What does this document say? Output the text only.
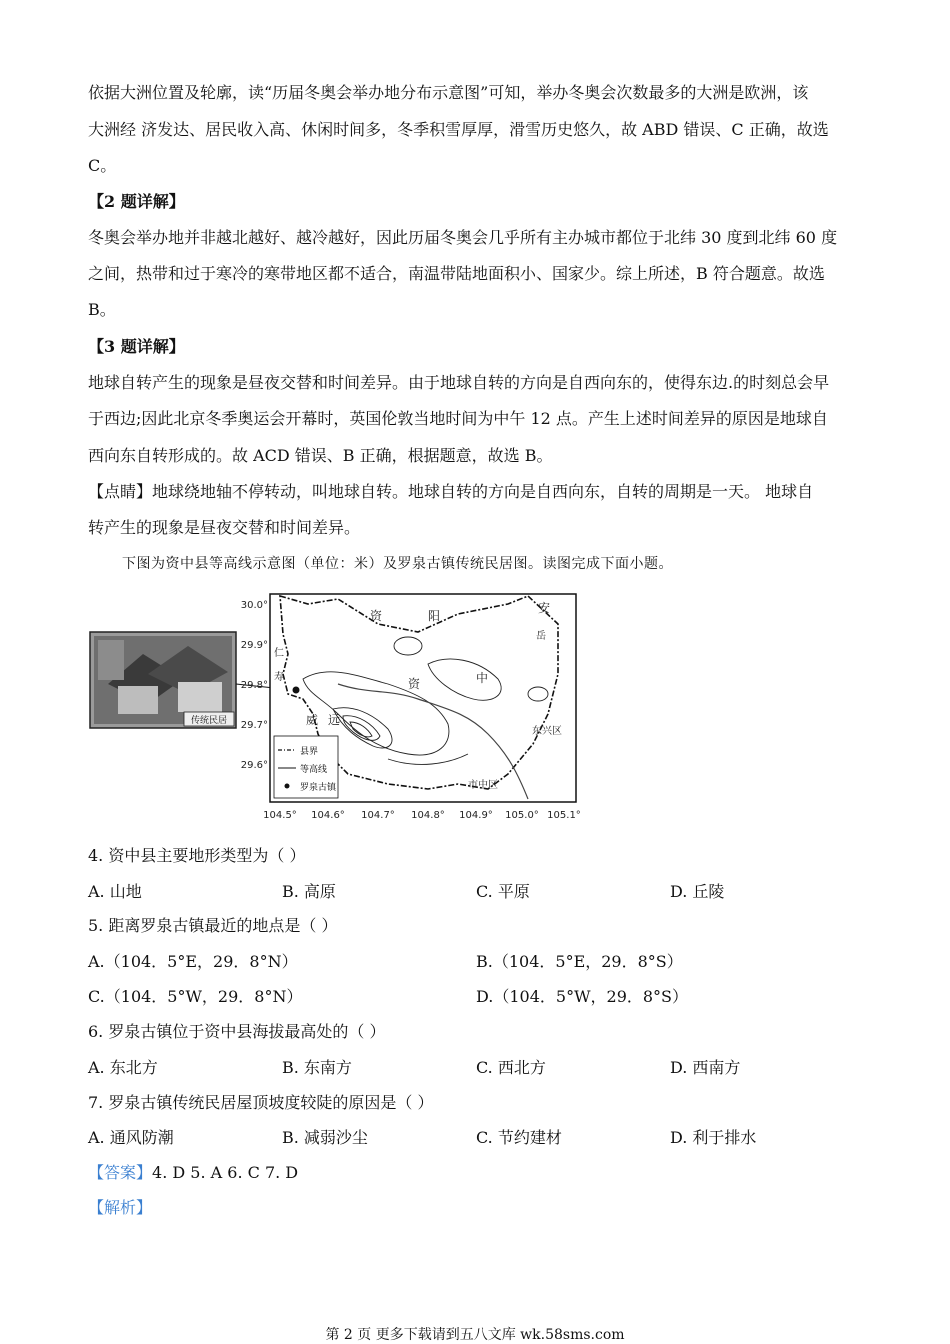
依据大洲位置及轮廓，读“历届冬奥会举办地分布示意图”可知，举办冬奥会次数最多的大洲是欧洲，该
大洲经 济发达、居民收入高、休闲时间多，冬季积雪厚厚，滑雪历史悠久，故 ABD 错误、C 正确，故选
C。
【2 题详解】
冬奥会举办地并非越北越好、越冷越好，因此历届冬奥会几乎所有主办城市都位于北纬 30 度到北纬 60 度
之间，热带和过于寒冷的寒带地区都不适合，南温带陆地面积小、国家少。综上所述，B 符合题意。故选
B。
【3 题详解】
地球自转产生的现象是昼夜交替和时间差异。由于地球自转的方向是自西向东的，使得东边.的时刻总会早
于西边;因此北京冬季奥运会开幕时，英国伦敦当地时间为中午 12 点。产生上述时间差异的原因是地球自
西向东自转形成的。故 ACD 错误、B 正确，根据题意，故选 B。
【点睛】地球绕地轴不停转动，叫地球自转。地球自转的方向是自西向东，自转的周期是一天。 地球自
转产生的现象是昼夜交替和时间差异。
下图为资中县等高线示意图（单位：米）及罗泉古镇传统民居图。读图完成下面小题。
传统民居
资	阳
安
岳
仁
寿	资	中
威 远
东兴区
市中区
县界
等高线
罗泉古镇
30.0°
29.9°
29.8°
29.7°
29.6°
104.5° 104.6° 104.7° 104.8° 104.9° 105.0° 105.1°
4. 资中县主要地形类型为（ ）
A. 山地	B. 高原	C. 平原	D. 丘陵
5. 距离罗泉古镇最近的地点是（ ）
A.（104．5°E，29．8°N）	B.（104．5°E，29．8°S）
C.（104．5°W，29．8°N）	D.（104．5°W，29．8°S）
6. 罗泉古镇位于资中县海拔最高处的（ ）
A. 东北方	B. 东南方	C. 西北方	D. 西南方
7. 罗泉古镇传统民居屋顶坡度较陡的原因是（ ）
A. 通风防潮	B. 减弱沙尘	C. 节约建材	D. 利于排水
【答案】4. D 5. A 6. C 7. D
【解析】
第 2 页 更多下载请到五八文库 wk.58sms.com
